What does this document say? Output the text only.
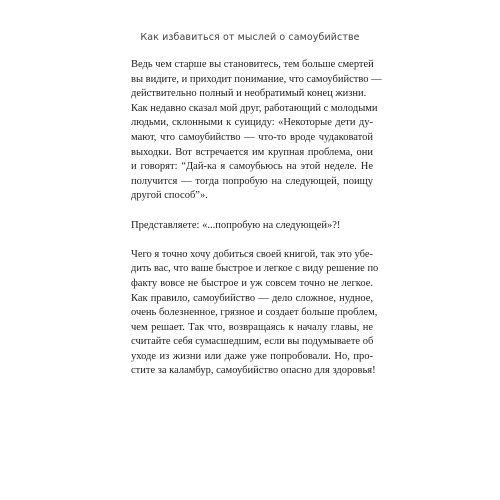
Как избавиться от мыслей о самоубийстве

Ведь чем старше вы становитесь, тем больше смертей
вы видите, и приходит понимание, что самоубийство —
действительно полный и необратимый конец жизни.

Как недавно сказал мой друг, работающий с молодыми
людьми, склонными к суициду: «Некоторые дети ду-
мают, что самоубийство — что-то вроде чудаковатой
выходки. Вот встречается им крупная проблема, они
и говорят: “Дай-ка я самоубьюсь на этой неделе. Не
получится — тогда попробую на следующей, поищу
другой способ”».

Представляете: «...попробую на следующей»?!

Чего я точно хочу добиться своей книгой, так это убе-
дить вас, что ваше быстрое и легкое с виду решение по
факту вовсе не быстрое и уж совсем точно не легкое.
Как правило, самоубийство — дело сложное, нудное,
очень болезненное, грязное и создает больше проблем,
чем решает. Так что, возвращаясь к началу главы, не
считайте себя сумасшедшим, если вы подумываете об
уходе из жизни или даже уже попробовали. Но, про-
стите за каламбур, самоубийство опасно для здоровья!
